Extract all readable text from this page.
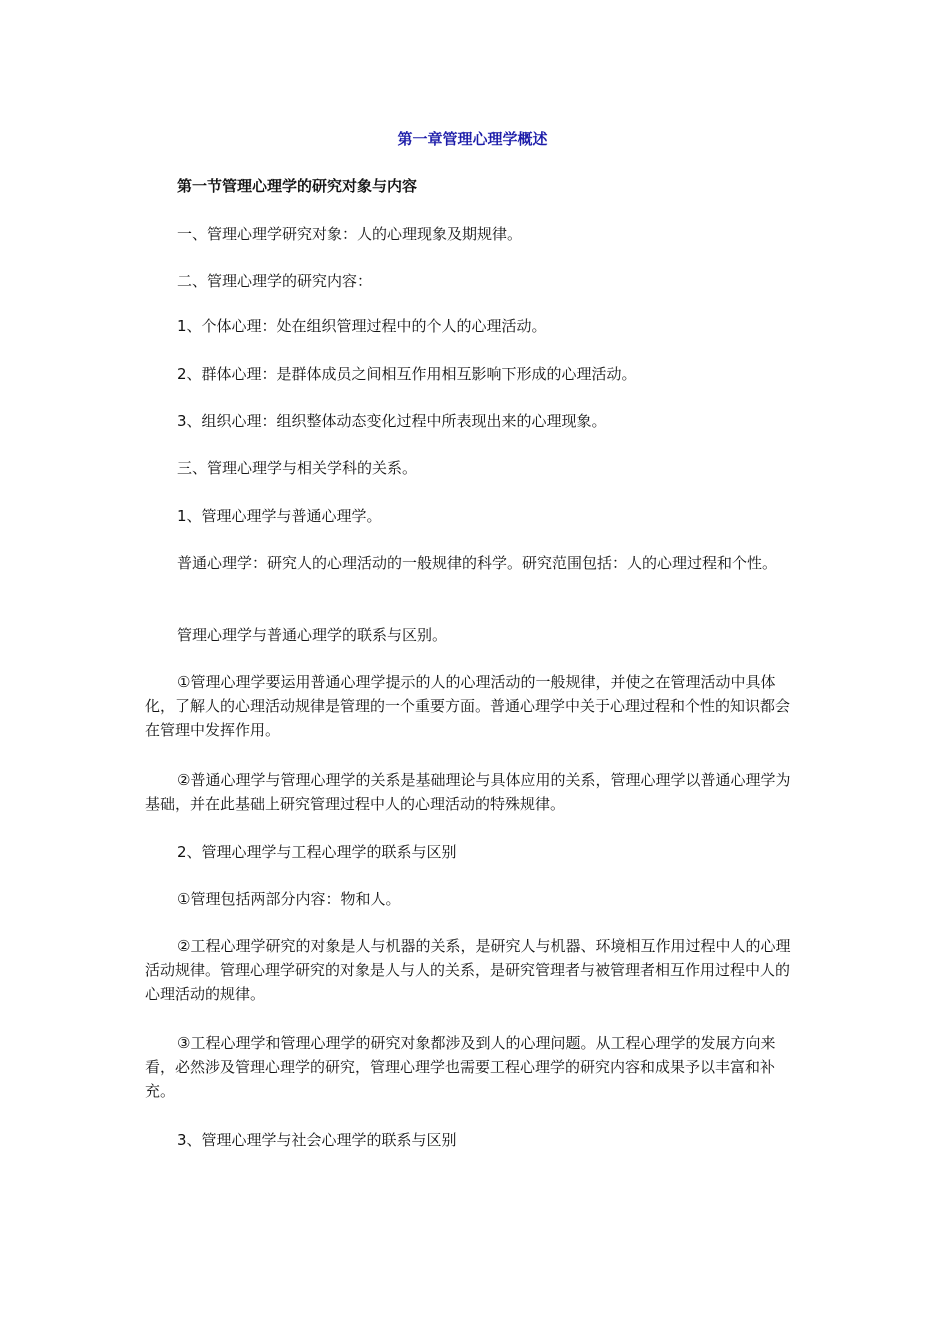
第一章管理心理学概述
第一节管理心理学的研究对象与内容

一、管理心理学研究对象：人的心理现象及期规律。

二、管理心理学的研究内容：

1、个体心理：处在组织管理过程中的个人的心理活动。

2、群体心理：是群体成员之间相互作用相互影响下形成的心理活动。

3、组织心理：组织整体动态变化过程中所表现出来的心理现象。

三、管理心理学与相关学科的关系。

1、管理心理学与普通心理学。

普通心理学：研究人的心理活动的一般规律的科学。研究范围包括：人的心理过程和个性。

管理心理学与普通心理学的联系与区别。

①管理心理学要运用普通心理学提示的人的心理活动的一般规律，并使之在管理活动中具体化，了解人的心理活动规律是管理的一个重要方面。普通心理学中关于心理过程和个性的知识都会在管理中发挥作用。

②普通心理学与管理心理学的关系是基础理论与具体应用的关系，管理心理学以普通心理学为基础，并在此基础上研究管理过程中人的心理活动的特殊规律。

2、管理心理学与工程心理学的联系与区别

①管理包括两部分内容：物和人。

②工程心理学研究的对象是人与机器的关系，是研究人与机器、环境相互作用过程中人的心理活动规律。管理心理学研究的对象是人与人的关系，是研究管理者与被管理者相互作用过程中人的心理活动的规律。

③工程心理学和管理心理学的研究对象都涉及到人的心理问题。从工程心理学的发展方向来看，必然涉及管理心理学的研究，管理心理学也需要工程心理学的研究内容和成果予以丰富和补充。

3、管理心理学与社会心理学的联系与区别
